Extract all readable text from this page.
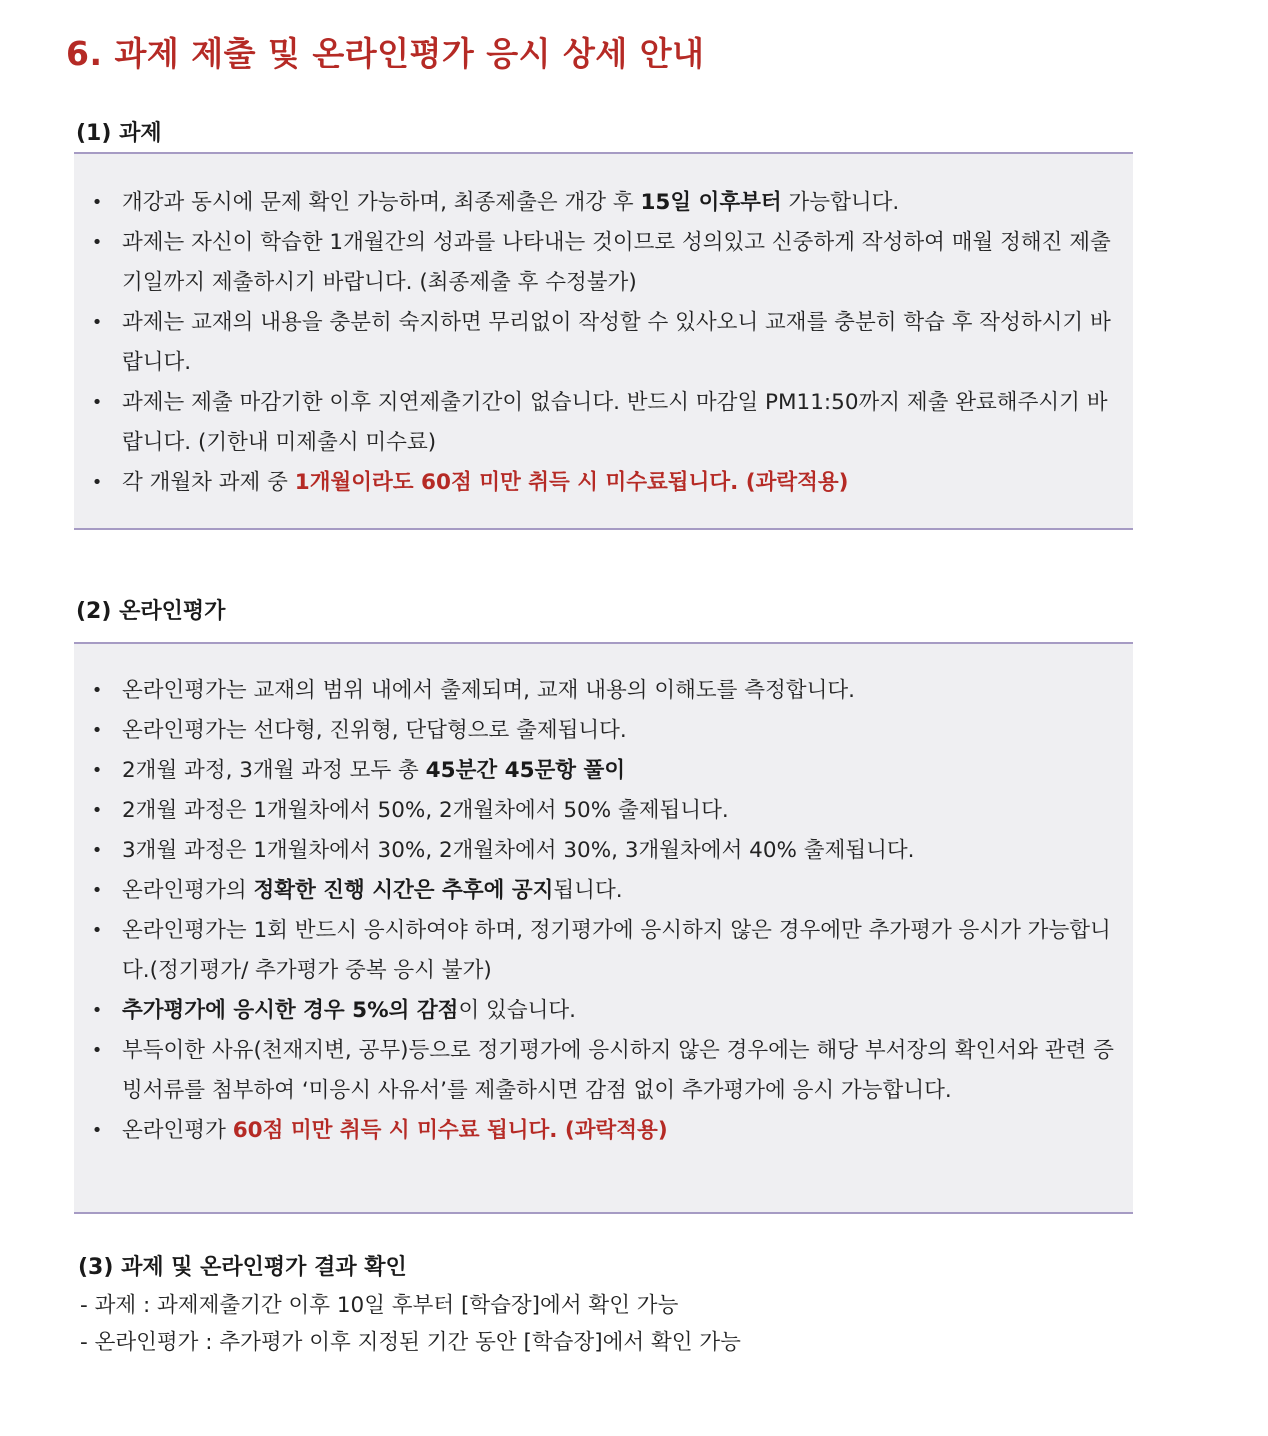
6. 과제 제출 및 온라인평가 응시 상세 안내
(1) 과제
• 개강과 동시에 문제 확인 가능하며, 최종제출은 개강 후 15일 이후부터 가능합니다.
• 과제는 자신이 학습한 1개월간의 성과를 나타내는 것이므로 성의있고 신중하게 작성하여 매월 정해진 제출기일까지 제출하시기 바랍니다. (최종제출 후 수정불가)
• 과제는 교재의 내용을 충분히 숙지하면 무리없이 작성할 수 있사오니 교재를 충분히 학습 후 작성하시기 바랍니다.
• 과제는 제출 마감기한 이후 지연제출기간이 없습니다. 반드시 마감일 PM11:50까지 제출 완료해주시기 바랍니다. (기한내 미제출시 미수료)
• 각 개월차 과제 중 1개월이라도 60점 미만 취득 시 미수료됩니다. (과락적용)
(2) 온라인평가
• 온라인평가는 교재의 범위 내에서 출제되며, 교재 내용의 이해도를 측정합니다.
• 온라인평가는 선다형, 진위형, 단답형으로 출제됩니다.
• 2개월 과정, 3개월 과정 모두 총 45분간 45문항 풀이
• 2개월 과정은 1개월차에서 50%, 2개월차에서 50% 출제됩니다.
• 3개월 과정은 1개월차에서 30%, 2개월차에서 30%, 3개월차에서 40% 출제됩니다.
• 온라인평가의 정확한 진행 시간은 추후에 공지됩니다.
• 온라인평가는 1회 반드시 응시하여야 하며, 정기평가에 응시하지 않은 경우에만 추가평가 응시가 가능합니다.(정기평가/ 추가평가 중복 응시 불가)
• 추가평가에 응시한 경우 5%의 감점이 있습니다.
• 부득이한 사유(천재지변, 공무)등으로 정기평가에 응시하지 않은 경우에는 해당 부서장의 확인서와 관련 증빙서류를 첨부하여 ‘미응시 사유서’를 제출하시면 감점 없이 추가평가에 응시 가능합니다.
• 온라인평가 60점 미만 취득 시 미수료 됩니다. (과락적용)
(3) 과제 및 온라인평가 결과 확인

- 과제 : 과제제출기간 이후 10일 후부터 [학습장]에서 확인 가능

- 온라인평가 : 추가평가 이후 지정된 기간 동안 [학습장]에서 확인 가능
